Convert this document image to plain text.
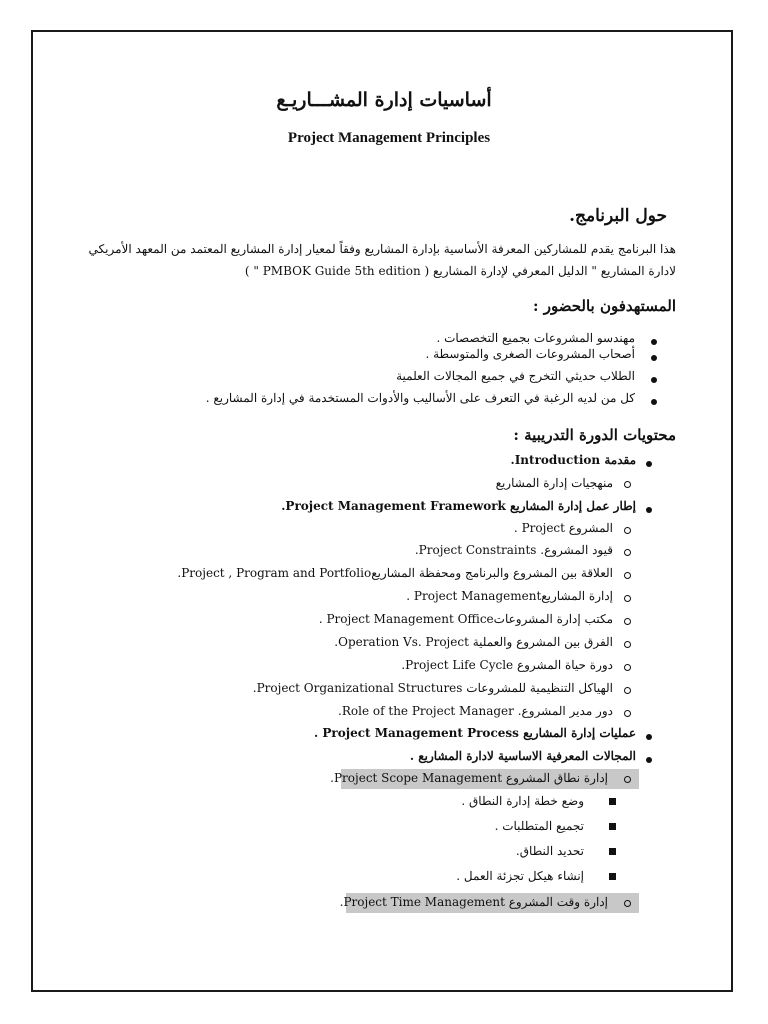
أساسيات إدارة المشـــاريـع
Project Management Principles
حول البرنامج.
هذا البرنامج يقدم للمشاركين المعرفة الأساسية بإدارة المشاريع وفقاً لمعيار إدارة المشاريع المعتمد من المعهد الأمريكي
لادارة المشاريع " الدليل المعرفي لإدارة المشاريع ( PMBOK Guide 5th edition " )
المستهدفون بالحضور :
مهندسو المشروعات بجميع التخصصات .
أصحاب المشروعات الصغرى والمتوسطة .
الطلاب حديثي التخرج في جميع المجالات العلمية
كل من لديه الرغبة في التعرف على الأساليب والأدوات المستخدمة في إدارة المشاريع .
محتويات الدورة التدريبية :
مقدمة Introduction.
منهجيات إدارة المشاريع
إطار عمل إدارة المشاريع Project Management Framework.
المشروع Project .
قيود المشروع. Project Constraints.
العلاقة بين المشروع والبرنامج ومحفظة المشاريعProject , Program and Portfolio.
إدارة المشاريعProject Management .
مكتب إدارة المشروعاتProject Management Office .
الفرق بين المشروع والعملية Operation Vs. Project.
دورة حياة المشروع Project Life Cycle.
الهياكل التنظيمية للمشروعات Project Organizational Structures.
دور مدير المشروع. Role of the Project Manager.
عمليات إدارة المشاريع Project Management Process .
المجالات المعرفية الاساسية لادارة المشاريع .
إدارة نطاق المشروع Project Scope Management.
وضع خطة إدارة النطاق .
تجميع المتطلبات .
تحديد النطاق.
إنشاء هيكل تجزئة العمل .
إدارة وقت المشروع Project Time Management.
